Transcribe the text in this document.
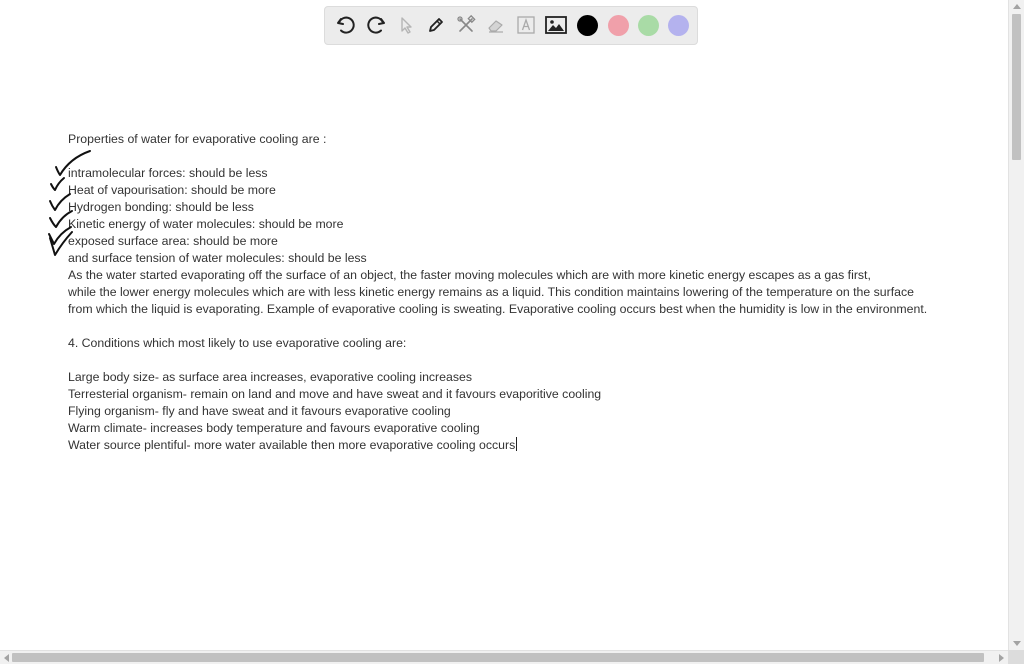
Properties of water for evaporative cooling are :
intramolecular forces: should be less
Heat of vapourisation: should be more
Hydrogen bonding: should be less
Kinetic energy of water molecules: should be more
exposed surface area: should be more
and surface tension of water molecules: should be less
As the water started evaporating off the surface of an object, the faster moving molecules which are with more kinetic energy escapes as a gas first,
while the lower energy molecules which are with less kinetic energy remains as a liquid. This condition maintains lowering of the temperature on the surface
from which the liquid is evaporating. Example of evaporative cooling is sweating. Evaporative cooling occurs best when the humidity is low in the environment.
4. Conditions which most likely to use evaporative cooling are:
Large body size- as surface area increases, evaporative cooling increases
Terresterial organism- remain on land and move and have sweat and it favours evaporitive cooling
Flying organism- fly and have sweat and it favours evaporative cooling
Warm climate- increases body temperature and favours evaporative cooling
Water source plentiful- more water available then more evaporative cooling occurs
